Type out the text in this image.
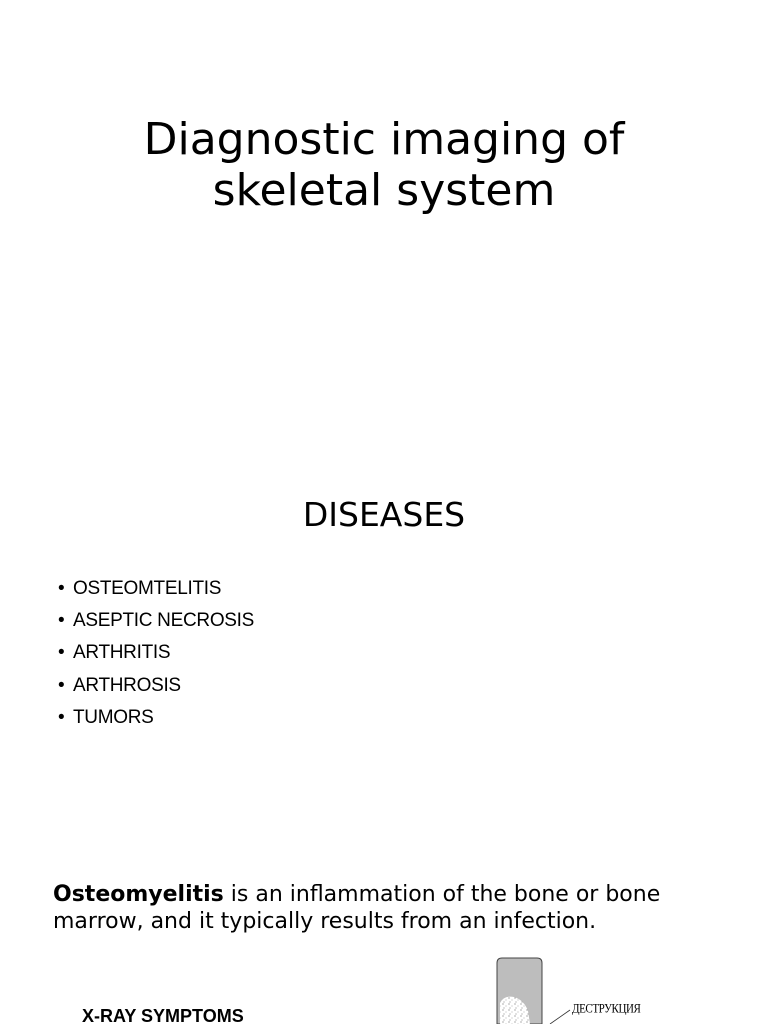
Diagnostic imaging of
skeletal system
DISEASES
• OSTEOMTELITIS
• ASEPTIC NECROSIS
• ARTHRITIS
• ARTHROSIS
• TUMORS
Osteomyelitis is an inflammation of the bone or bone marrow, and it typically results from an infection.
X-RAY SYMPTOMS	ДЕСТРУКЦИЯ
